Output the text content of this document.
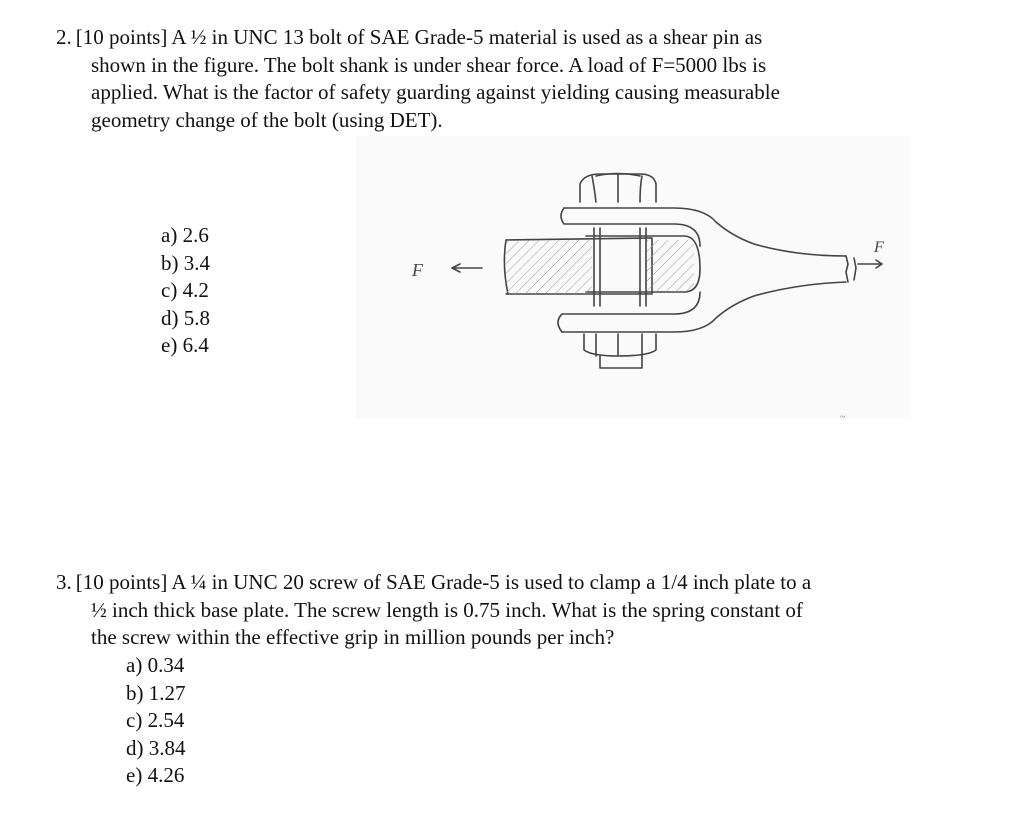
2. [10 points] A ½ in UNC 13 bolt of SAE Grade-5 material is used as a shear pin as
shown in the figure. The bolt shank is under shear force. A load of F=5000 lbs is
applied. What is the factor of safety guarding against yielding causing measurable
geometry change of the bolt (using DET).

a) 2.6
b) 3.4
c) 4.2
d) 5.8
e) 6.4
F
F
~

3. [10 points] A ¼ in UNC 20 screw of SAE Grade-5 is used to clamp a 1/4 inch plate to a
½ inch thick base plate. The screw length is 0.75 inch. What is the spring constant of
the screw within the effective grip in million pounds per inch?

a) 0.34
b) 1.27
c) 2.54
d) 3.84
e) 4.26
